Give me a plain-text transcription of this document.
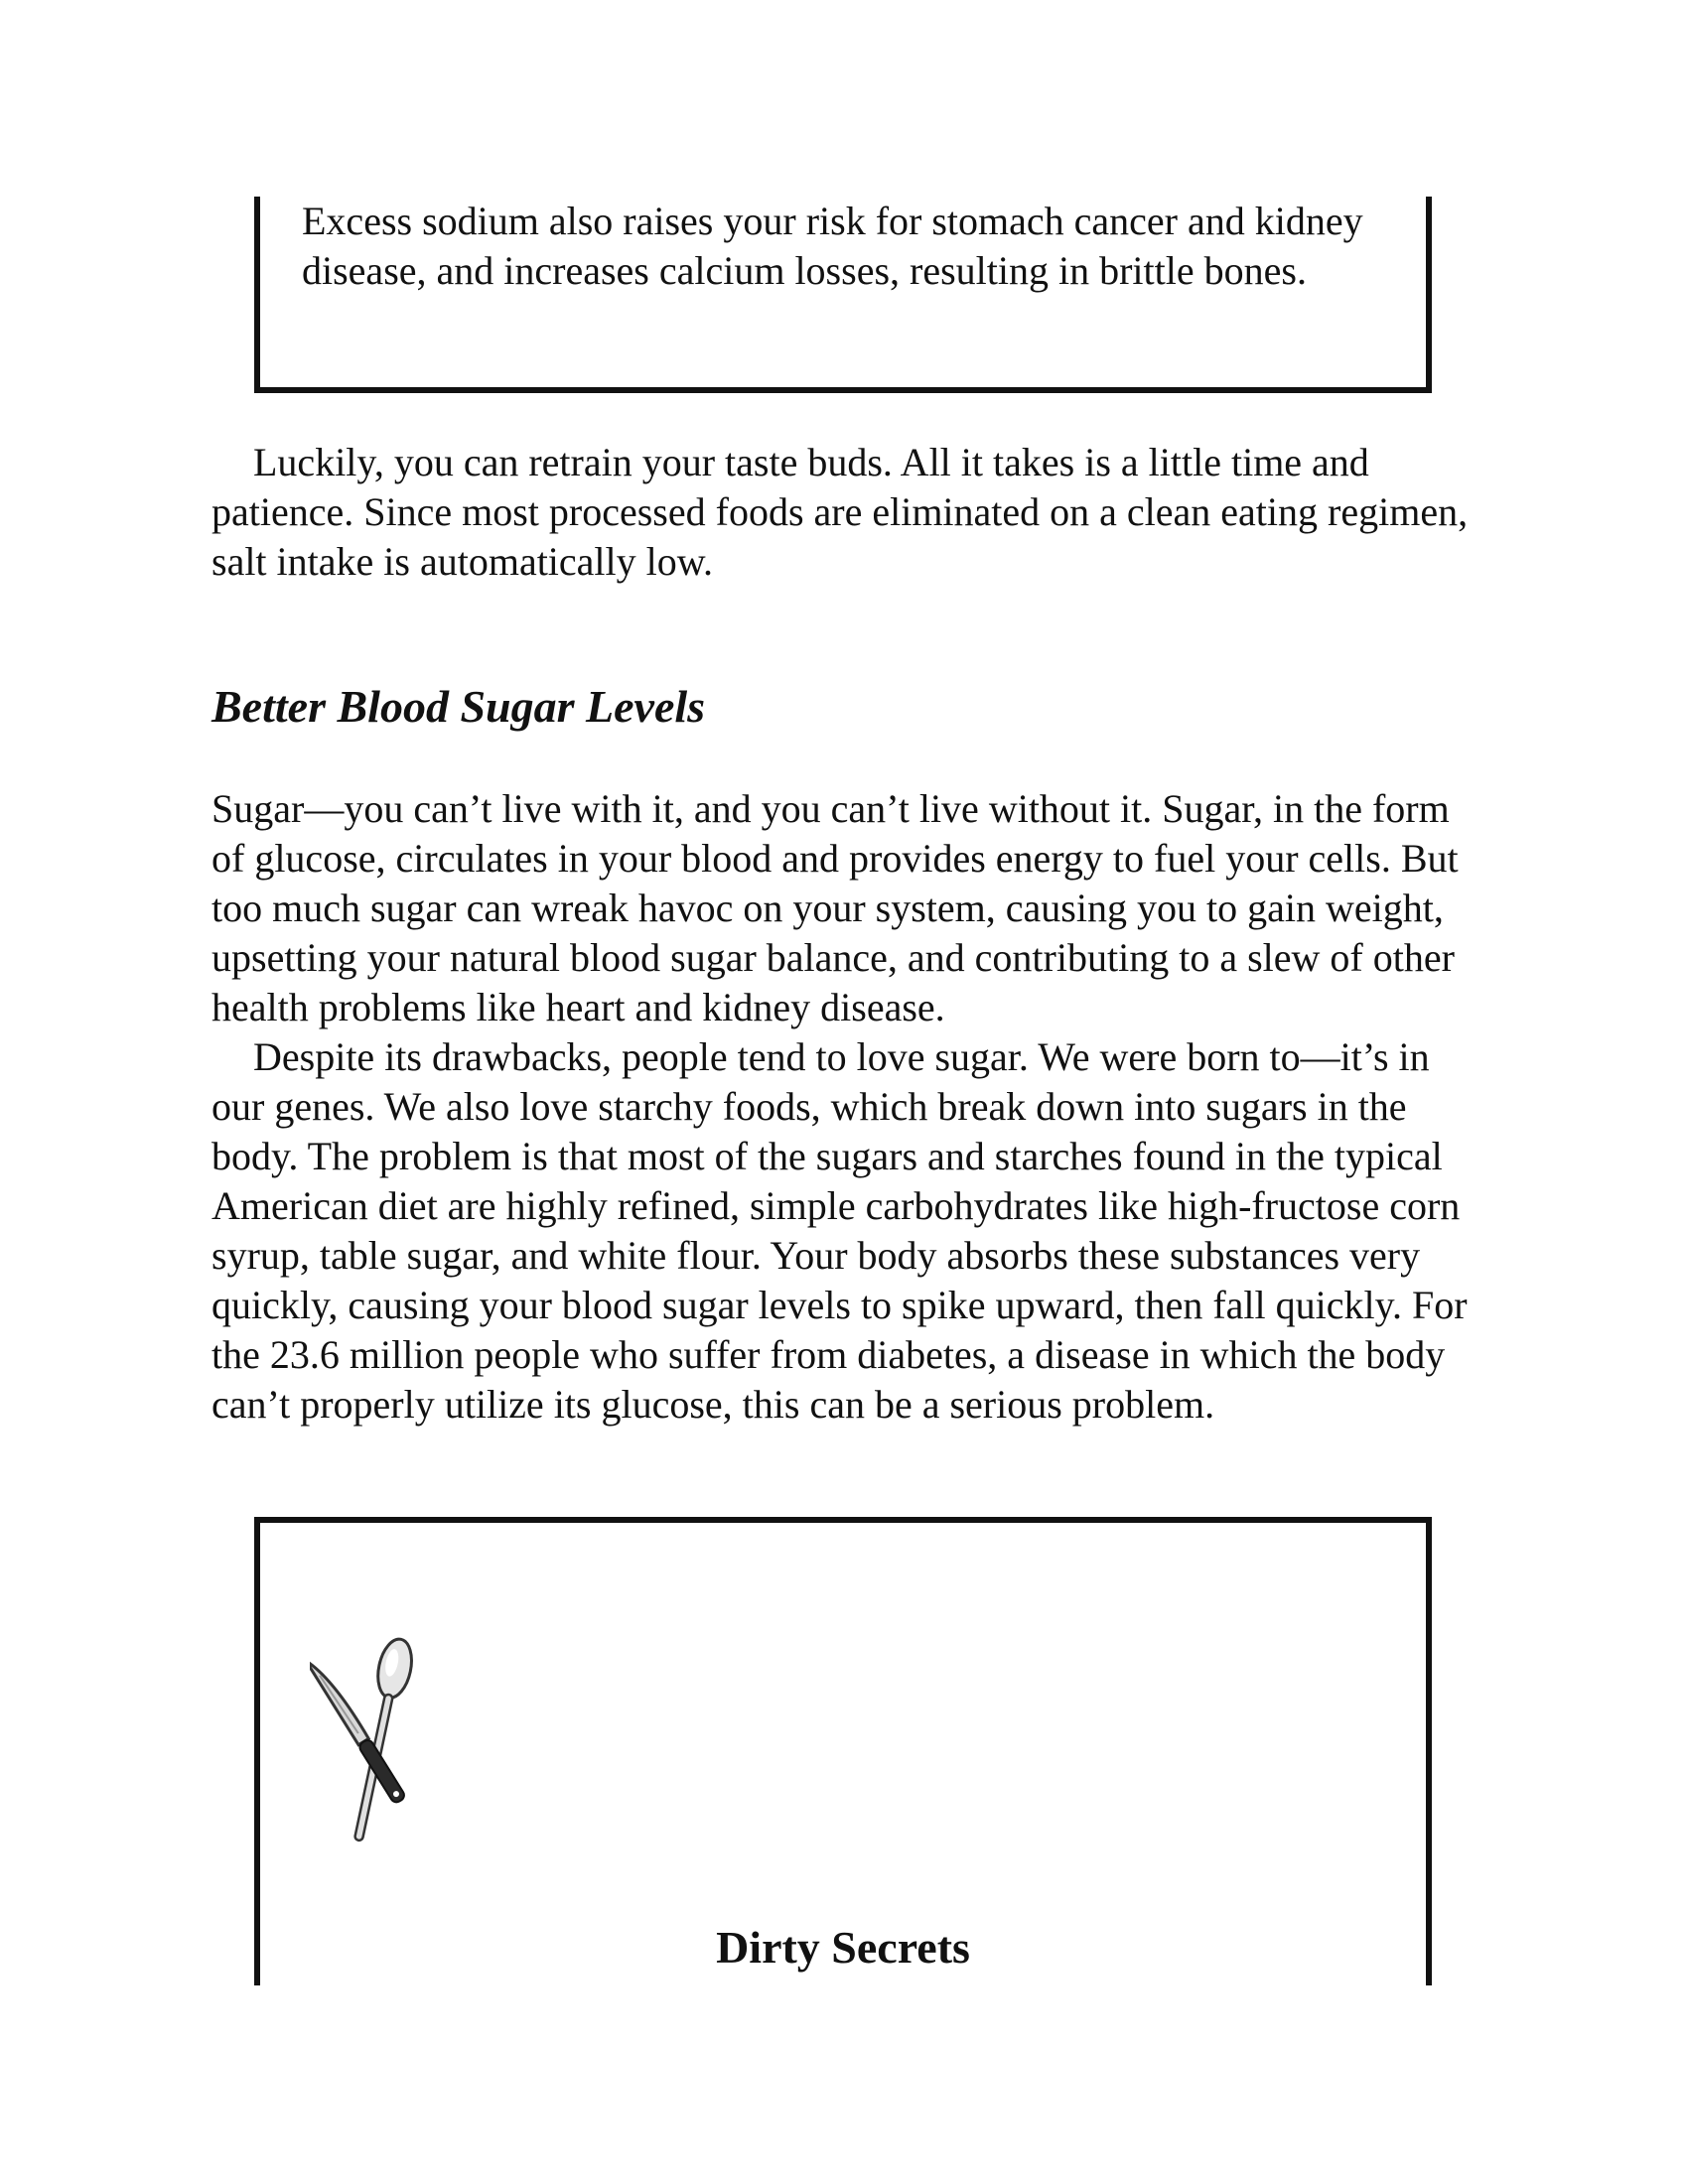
Excess sodium also raises your risk for stomach cancer and kidney disease, and increases calcium losses, resulting in brittle bones.

Luckily, you can retrain your taste buds. All it takes is a little time and patience. Since most processed foods are eliminated on a clean eating regimen, salt intake is automatically low.

Better Blood Sugar Levels

Sugar—you can’t live with it, and you can’t live without it. Sugar, in the form of glucose, circulates in your blood and provides energy to fuel your cells. But too much sugar can wreak havoc on your system, causing you to gain weight, upsetting your natural blood sugar balance, and contributing to a slew of other health problems like heart and kidney disease.

Despite its drawbacks, people tend to love sugar. We were born to—it’s in our genes. We also love starchy foods, which break down into sugars in the body. The problem is that most of the sugars and starches found in the typical American diet are highly refined, simple carbohydrates like high-fructose corn syrup, table sugar, and white flour. Your body absorbs these substances very quickly, causing your blood sugar levels to spike upward, then fall quickly. For the 23.6 million people who suffer from diabetes, a disease in which the body can’t properly utilize its glucose, this can be a serious problem.

Dirty Secrets
